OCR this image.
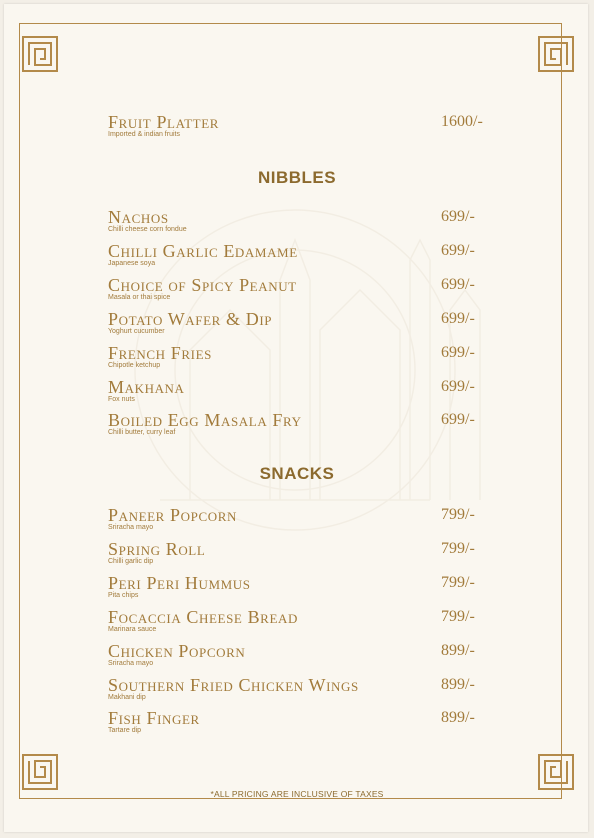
Fruit Platter
Imported & indian fruits
1600/-
NIBBLES
Nachos
Chilli cheese corn fondue
699/-
Chilli Garlic Edamame
Japanese soya
699/-
Choice of Spicy Peanut
Masala or thai spice
699/-
Potato Wafer & Dip
Yoghurt cucumber
699/-
French Fries
Chipotle ketchup
699/-
Makhana
Fox nuts
699/-
Boiled Egg Masala Fry
Chilli butter, curry leaf
699/-
SNACKS
Paneer Popcorn
Sriracha mayo
799/-
Spring Roll
Chilli garlic dip
799/-
Peri Peri Hummus
Pita chips
799/-
Focaccia Cheese Bread
Marinara sauce
799/-
Chicken Popcorn
Sriracha mayo
899/-
Southern Fried Chicken Wings
Makhani dip
899/-
Fish Finger
Tartare dip
899/-
*ALL PRICING ARE INCLUSIVE OF TAXES
